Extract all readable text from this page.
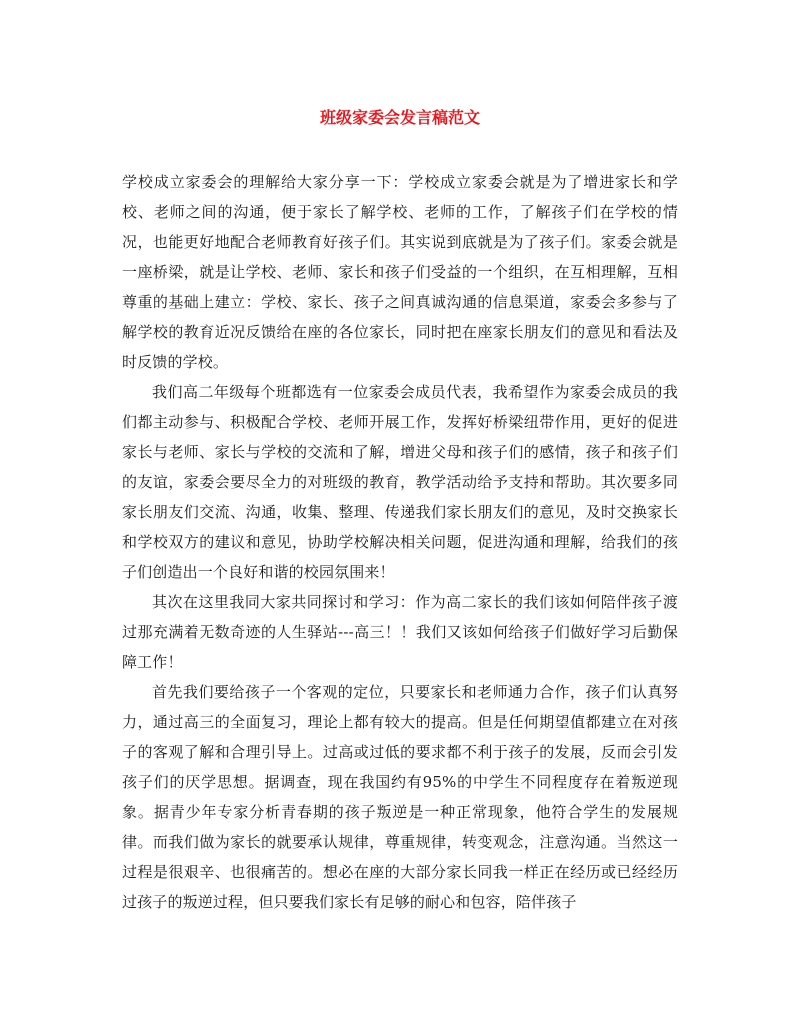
班级家委会发言稿范文

学校成立家委会的理解给大家分享一下：学校成立家委会就是为了增进家长和学校、老师之间的沟通，便于家长了解学校、老师的工作，了解孩子们在学校的情况，也能更好地配合老师教育好孩子们。其实说到底就是为了孩子们。家委会就是一座桥梁，就是让学校、老师、家长和孩子们受益的一个组织，在互相理解，互相尊重的基础上建立：学校、家长、孩子之间真诚沟通的信息渠道，家委会多参与了解学校的教育近况反馈给在座的各位家长，同时把在座家长朋友们的意见和看法及时反馈的学校。

我们高二年级每个班都选有一位家委会成员代表，我希望作为家委会成员的我们都主动参与、积极配合学校、老师开展工作，发挥好桥梁纽带作用，更好的促进家长与老师、家长与学校的交流和了解，增进父母和孩子们的感情，孩子和孩子们的友谊，家委会要尽全力的对班级的教育，教学活动给予支持和帮助。其次要多同家长朋友们交流、沟通，收集、整理、传递我们家长朋友们的意见，及时交换家长和学校双方的建议和意见，协助学校解决相关问题，促进沟通和理解，给我们的孩子们创造出一个良好和谐的校园氛围来！

其次在这里我同大家共同探讨和学习：作为高二家长的我们该如何陪伴孩子渡过那充满着无数奇迹的人生驿站---高三！！我们又该如何给孩子们做好学习后勤保障工作！

首先我们要给孩子一个客观的定位，只要家长和老师通力合作，孩子们认真努力，通过高三的全面复习，理论上都有较大的提高。但是任何期望值都建立在对孩子的客观了解和合理引导上。过高或过低的要求都不利于孩子的发展，反而会引发孩子们的厌学思想。据调查，现在我国约有95%的中学生不同程度存在着叛逆现象。据青少年专家分析青春期的孩子叛逆是一种正常现象，他符合学生的发展规律。而我们做为家长的就要承认规律，尊重规律，转变观念，注意沟通。当然这一过程是很艰辛、也很痛苦的。想必在座的大部分家长同我一样正在经历或已经经历过孩子的叛逆过程，但只要我们家长有足够的耐心和包容，陪伴孩子
